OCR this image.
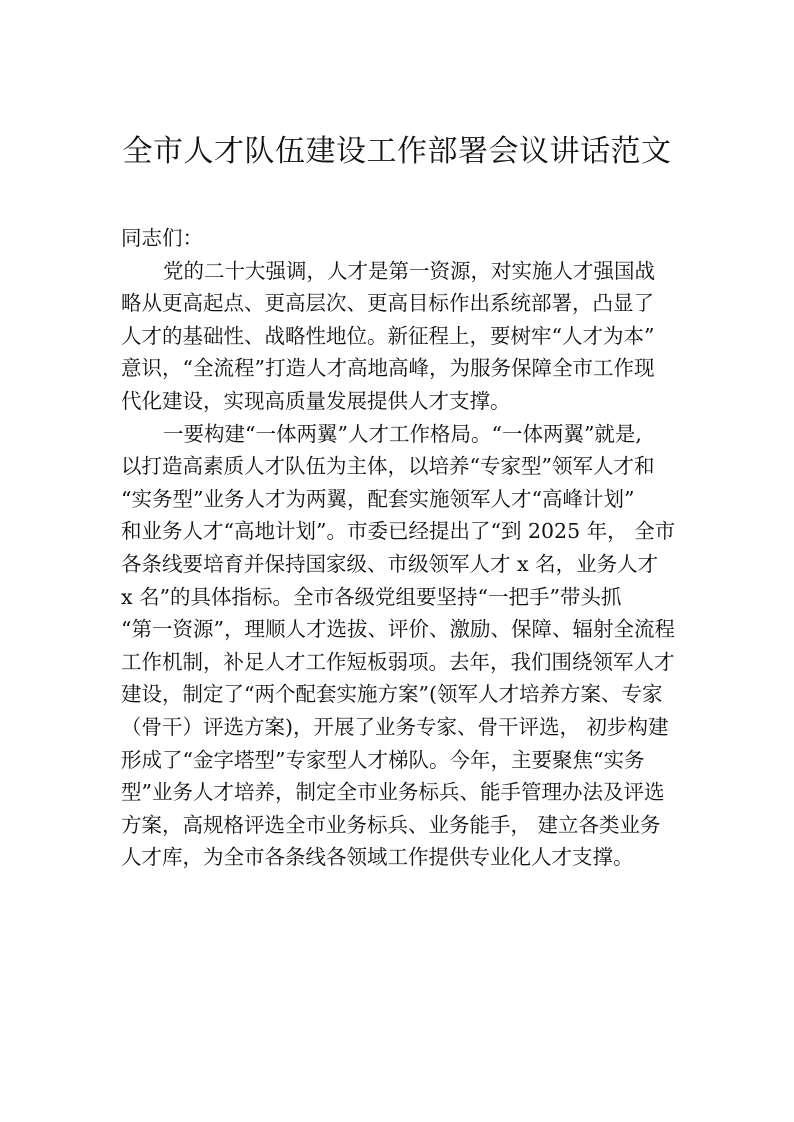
全市人才队伍建设工作部署会议讲话范文
同志们：
党的二十大强调，人才是第一资源，对实施人才强国战
略从更高起点、更高层次、更高目标作出系统部署，凸显了
人才的基础性、战略性地位。新征程上，要树牢“人才为本”
意识，“全流程”打造人才高地高峰，为服务保障全市工作现
代化建设，实现高质量发展提供人才支撑。
一要构建“一体两翼”人才工作格局。“一体两翼”就是,
以打造高素质人才队伍为主体，以培养“专家型”领军人才和
“实务型”业务人才为两翼，配套实施领军人才“高峰计划”
和业务人才“高地计划”。市委已经提出了“到 2025 年， 全市
各条线要培育并保持国家级、市级领军人才 x 名，业务人才
x 名”的具体指标。全市各级党组要坚持“一把手”带头抓
“第一资源”，理顺人才选拔、评价、激励、保障、辐射全流程
工作机制，补足人才工作短板弱项。去年，我们围绕领军人才
建设，制定了“两个配套实施方案”(领军人才培养方案、专家
（骨干）评选方案)，开展了业务专家、骨干评选， 初步构建
形成了“金字塔型”专家型人才梯队。今年，主要聚焦“实务
型”业务人才培养，制定全市业务标兵、能手管理办法及评选
方案，高规格评选全市业务标兵、业务能手， 建立各类业务
人才库，为全市各条线各领域工作提供专业化人才支撑。
